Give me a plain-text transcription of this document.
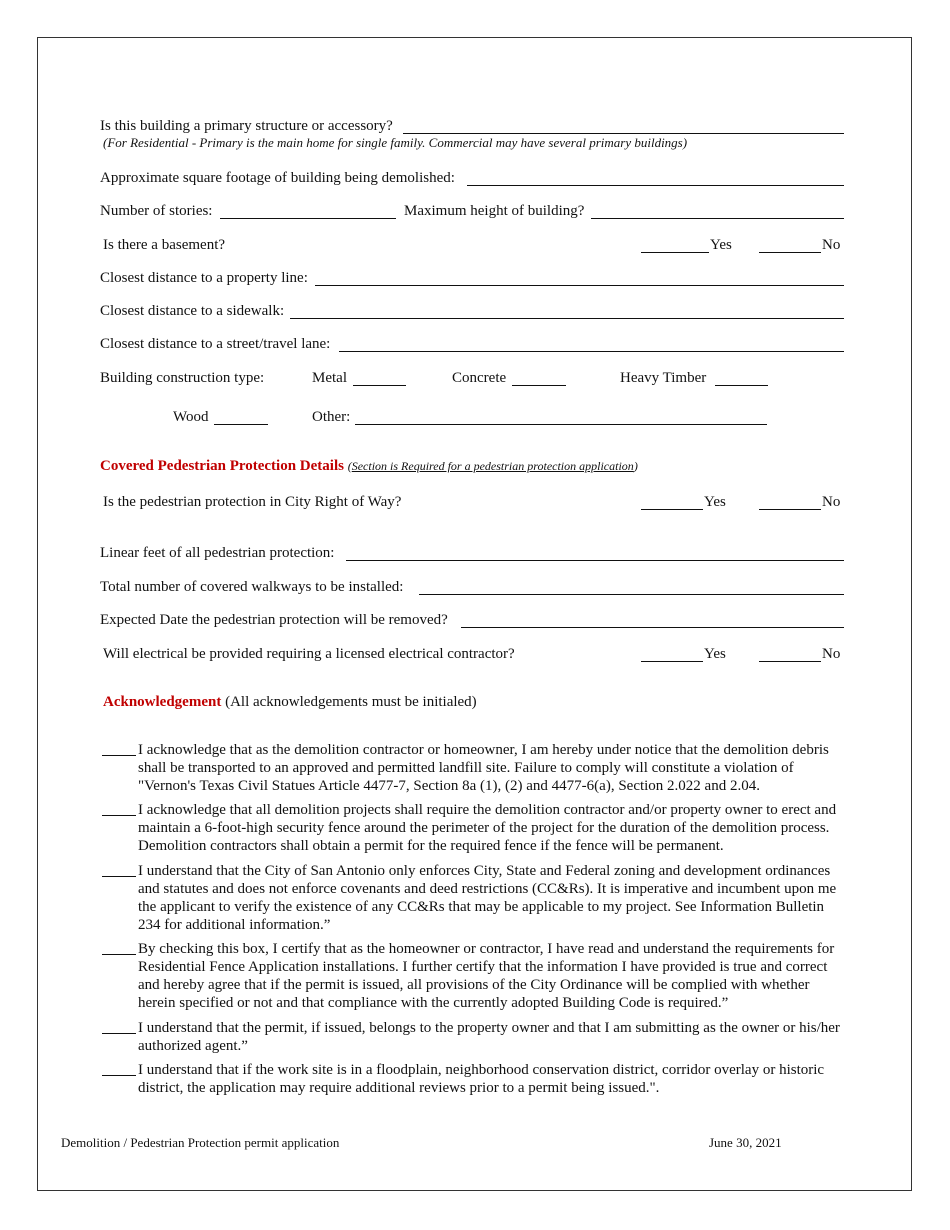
Is this building a primary structure or accessory?
(For Residential - Primary is the main home for single family. Commercial may have several primary buildings)
Approximate square footage of building being demolished:
Number of stories:	Maximum height of building?
Is there a basement?	Yes	No
Closest distance to a property line:
Closest distance to a sidewalk:
Closest distance to a street/travel lane:
Building construction type:	Metal	Concrete	Heavy Timber
Wood	Other:
Covered Pedestrian Protection Details (Section is Required for a pedestrian protection application)
Is the pedestrian protection in City Right of Way?	Yes	No
Linear feet of all pedestrian protection:
Total number of covered walkways to be installed:
Expected Date the pedestrian protection will be removed?
Will electrical be provided requiring a licensed electrical contractor?	Yes	No
Acknowledgement (All acknowledgements must be initialed)
I acknowledge that as the demolition contractor or homeowner, I am hereby under notice that the demolition debris shall be transported to an approved and permitted landfill site. Failure to comply will constitute a violation of "Vernon's Texas Civil Statues Article 4477-7, Section 8a (1), (2) and 4477-6(a), Section 2.022 and 2.04.
I acknowledge that all demolition projects shall require the demolition contractor and/or property owner to erect and maintain a 6-foot-high security fence around the perimeter of the project for the duration of the demolition process. Demolition contractors shall obtain a permit for the required fence if the fence will be permanent.
I understand that the City of San Antonio only enforces City, State and Federal zoning and development ordinances and statutes and does not enforce covenants and deed restrictions (CC&Rs). It is imperative and incumbent upon me the applicant to verify the existence of any CC&Rs that may be applicable to my project. See Information Bulletin 234 for additional information.”
By checking this box, I certify that as the homeowner or contractor, I have read and understand the requirements for Residential Fence Application installations. I further certify that the information I have provided is true and correct and hereby agree that if the permit is issued, all provisions of the City Ordinance will be complied with whether herein specified or not and that compliance with the currently adopted Building Code is required.”
I understand that the permit, if issued, belongs to the property owner and that I am submitting as the owner or his/her authorized agent.”
I understand that if the work site is in a floodplain, neighborhood conservation district, corridor overlay or historic district, the application may require additional reviews prior to a permit being issued.".
Demolition / Pedestrian Protection permit application	June 30, 2021
